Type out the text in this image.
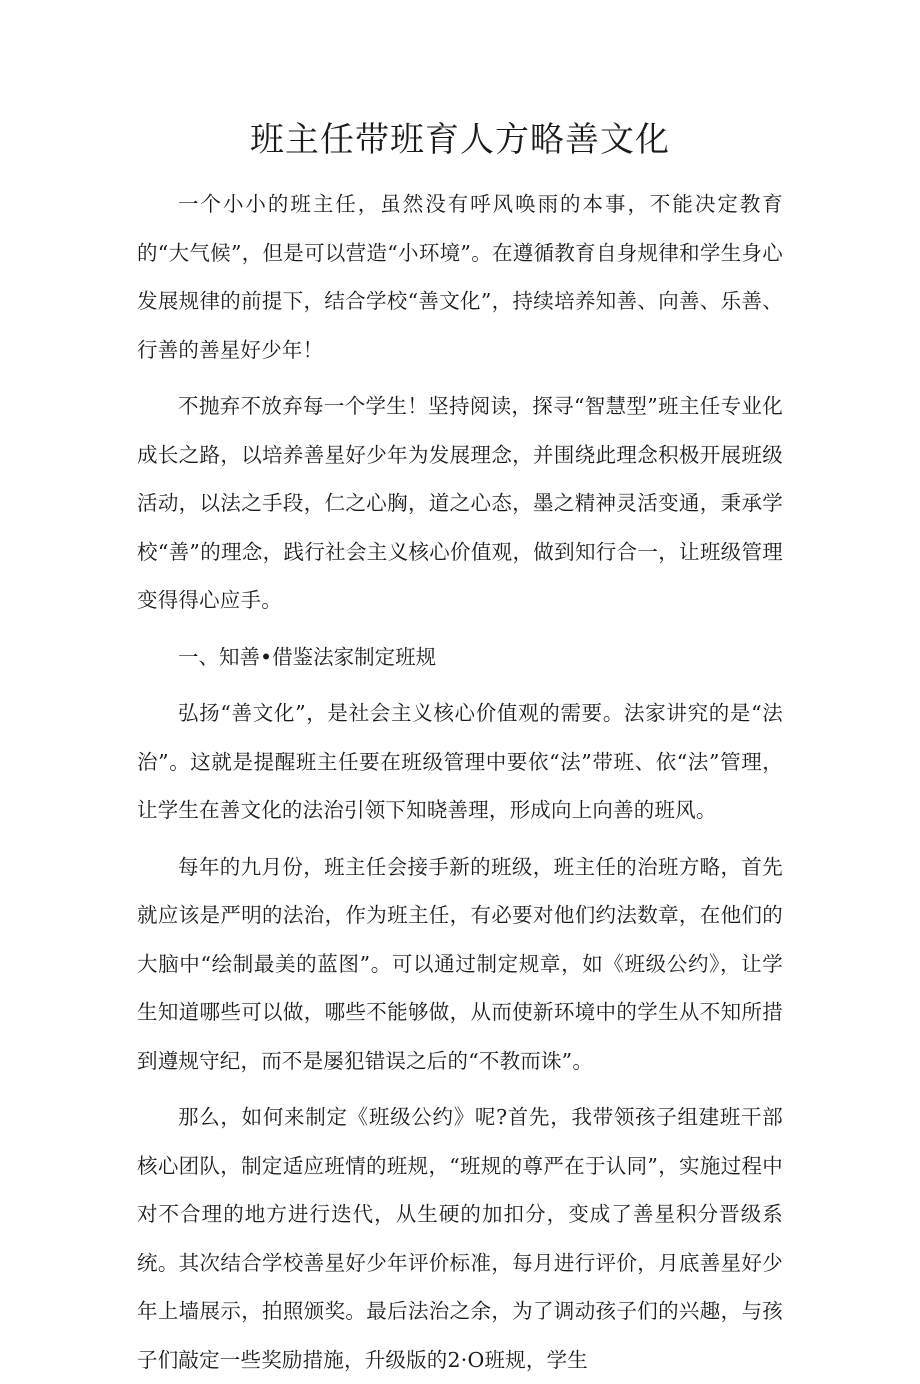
班主任带班育人方略善文化

一个小小的班主任，虽然没有呼风唤雨的本事，不能决定教育的“大气候”，但是可以营造“小环境”。在遵循教育自身规律和学生身心发展规律的前提下，结合学校“善文化”，持续培养知善、向善、乐善、行善的善星好少年！

不抛弃不放弃每一个学生！坚持阅读，探寻“智慧型”班主任专业化成长之路，以培养善星好少年为发展理念，并围绕此理念积极开展班级活动，以法之手段，仁之心胸，道之心态，墨之精神灵活变通，秉承学校“善”的理念，践行社会主义核心价值观，做到知行合一，让班级管理变得得心应手。

一、知善•借鉴法家制定班规

弘扬“善文化”，是社会主义核心价值观的需要。法家讲究的是“法治”。这就是提醒班主任要在班级管理中要依“法”带班、依“法”管理，让学生在善文化的法治引领下知晓善理，形成向上向善的班风。

每年的九月份，班主任会接手新的班级，班主任的治班方略，首先就应该是严明的法治，作为班主任，有必要对他们约法数章，在他们的大脑中“绘制最美的蓝图”。可以通过制定规章，如《班级公约》，让学生知道哪些可以做，哪些不能够做，从而使新环境中的学生从不知所措到遵规守纪，而不是屡犯错误之后的“不教而诛”。

那么，如何来制定《班级公约》呢?首先，我带领孩子组建班干部核心团队，制定适应班情的班规，“班规的尊严在于认同”，实施过程中对不合理的地方进行迭代，从生硬的加扣分，变成了善星积分晋级系统。其次结合学校善星好少年评价标准，每月进行评价，月底善星好少年上墙展示，拍照颁奖。最后法治之余，为了调动孩子们的兴趣，与孩子们敲定一些奖励措施，升级版的2·O班规，学生
